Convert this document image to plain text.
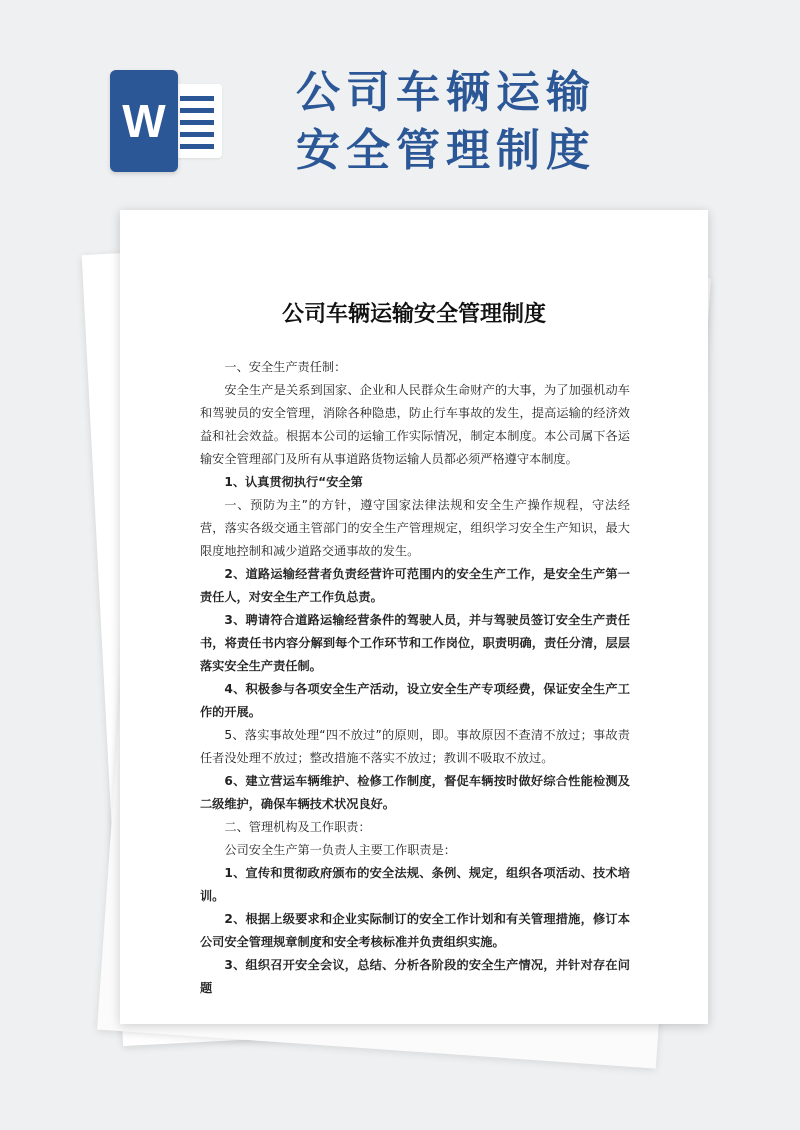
W
公司车辆运输
安全管理制度
公司车辆运输安全管理制度

一、安全生产责任制：

安全生产是关系到国家、企业和人民群众生命财产的大事，为了加强机动车和驾驶员的安全管理，消除各种隐患，防止行车事故的发生，提高运输的经济效益和社会效益。根据本公司的运输工作实际情况，制定本制度。本公司属下各运输安全管理部门及所有从事道路货物运输人员都必须严格遵守本制度。

1、认真贯彻执行“安全第

一、预防为主”的方针，遵守国家法律法规和安全生产操作规程，守法经营，落实各级交通主管部门的安全生产管理规定，组织学习安全生产知识，最大限度地控制和减少道路交通事故的发生。

2、道路运输经营者负责经营许可范围内的安全生产工作，是安全生产第一责任人，对安全生产工作负总责。

3、聘请符合道路运输经营条件的驾驶人员，并与驾驶员签订安全生产责任书，将责任书内容分解到每个工作环节和工作岗位，职责明确，责任分清，层层落实安全生产责任制。

4、积极参与各项安全生产活动，设立安全生产专项经费，保证安全生产工作的开展。

5、落实事故处理“四不放过”的原则，即。事故原因不查清不放过；事故责任者没处理不放过；整改措施不落实不放过；教训不吸取不放过。

6、建立营运车辆维护、检修工作制度，督促车辆按时做好综合性能检测及二级维护，确保车辆技术状况良好。

二、管理机构及工作职责：

公司安全生产第一负责人主要工作职责是：

1、宣传和贯彻政府颁布的安全法规、条例、规定，组织各项活动、技术培训。

2、根据上级要求和企业实际制订的安全工作计划和有关管理措施，修订本公司安全管理规章制度和安全考核标准并负责组织实施。

3、组织召开安全会议，总结、分析各阶段的安全生产情况，并针对存在问题
